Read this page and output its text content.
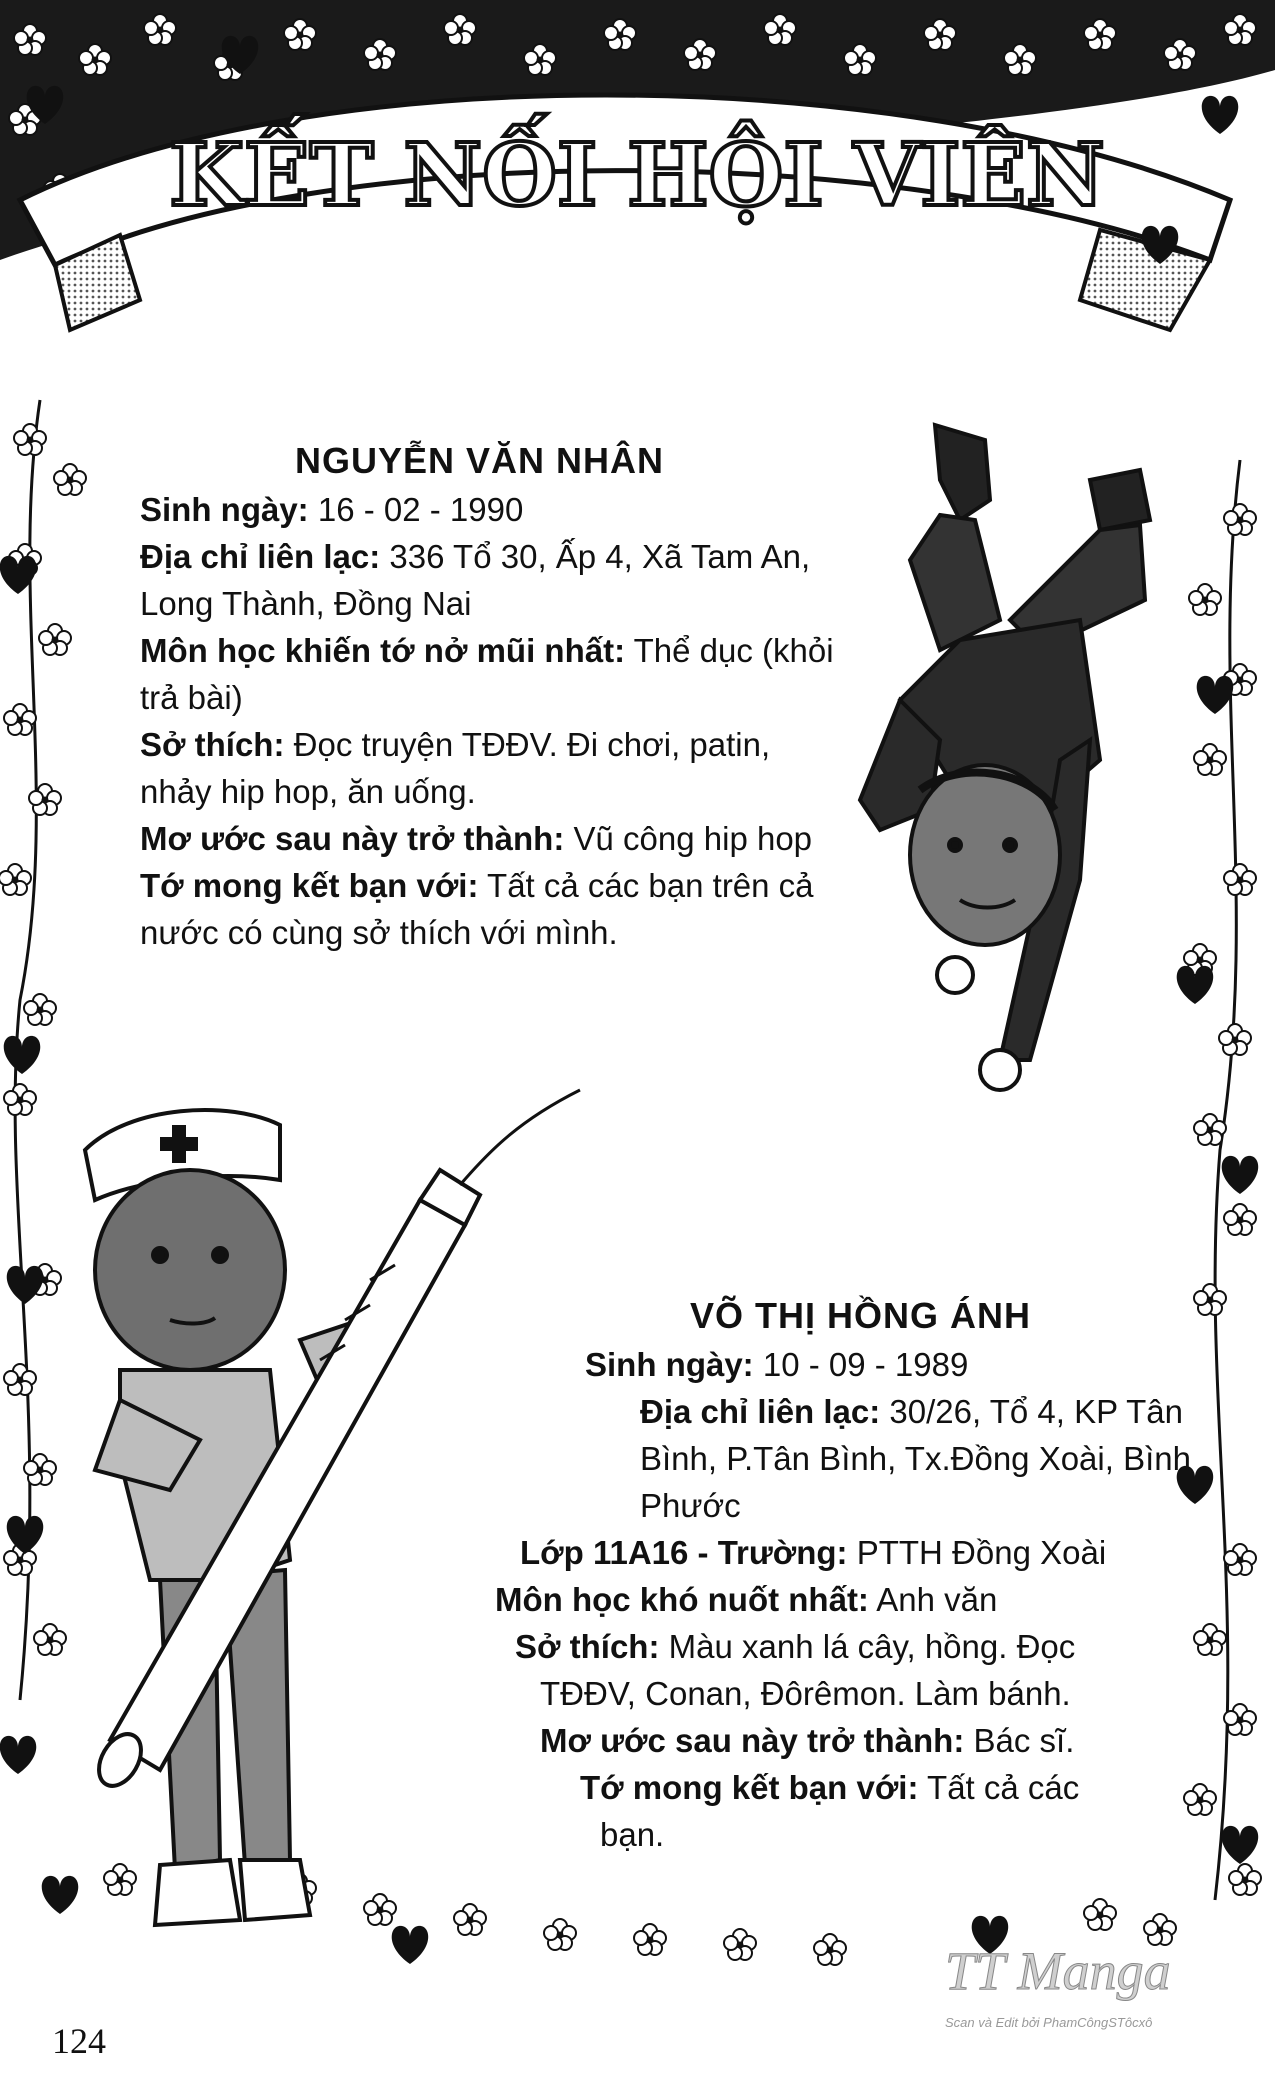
KẾT NỐI HỘI VIÊN
NGUYỄN VĂN NHÂN
Sinh ngày: 16 - 02 - 1990
Địa chỉ liên lạc: 336 Tổ 30, Ấp 4, Xã Tam An,
Long Thành, Đồng Nai
Môn học khiến tớ nở mũi nhất: Thể dục (khỏi
trả bài)
Sở thích: Đọc truyện TĐĐV. Đi chơi, patin,
nhảy hip hop, ăn uống.
Mơ ước sau này trở thành: Vũ công hip hop
Tớ mong kết bạn với: Tất cả các bạn trên cả
nước có cùng sở thích với mình.
VÕ THỊ HỒNG ÁNH
Sinh ngày: 10 - 09 - 1989
Địa chỉ liên lạc: 30/26, Tổ 4, KP Tân
Bình, P.Tân Bình, Tx.Đồng Xoài, Bình
Phước
Lớp 11A16 - Trường: PTTH Đồng Xoài
Môn học khó nuốt nhất: Anh văn
Sở thích: Màu xanh lá cây, hồng. Đọc
TĐĐV, Conan, Đôrêmon. Làm bánh.
Mơ ước sau này trở thành: Bác sĩ.
Tớ mong kết bạn với: Tất cả các
bạn.
124
TT Manga
Scan và Edit bởi PhamCôngSTôcxô
